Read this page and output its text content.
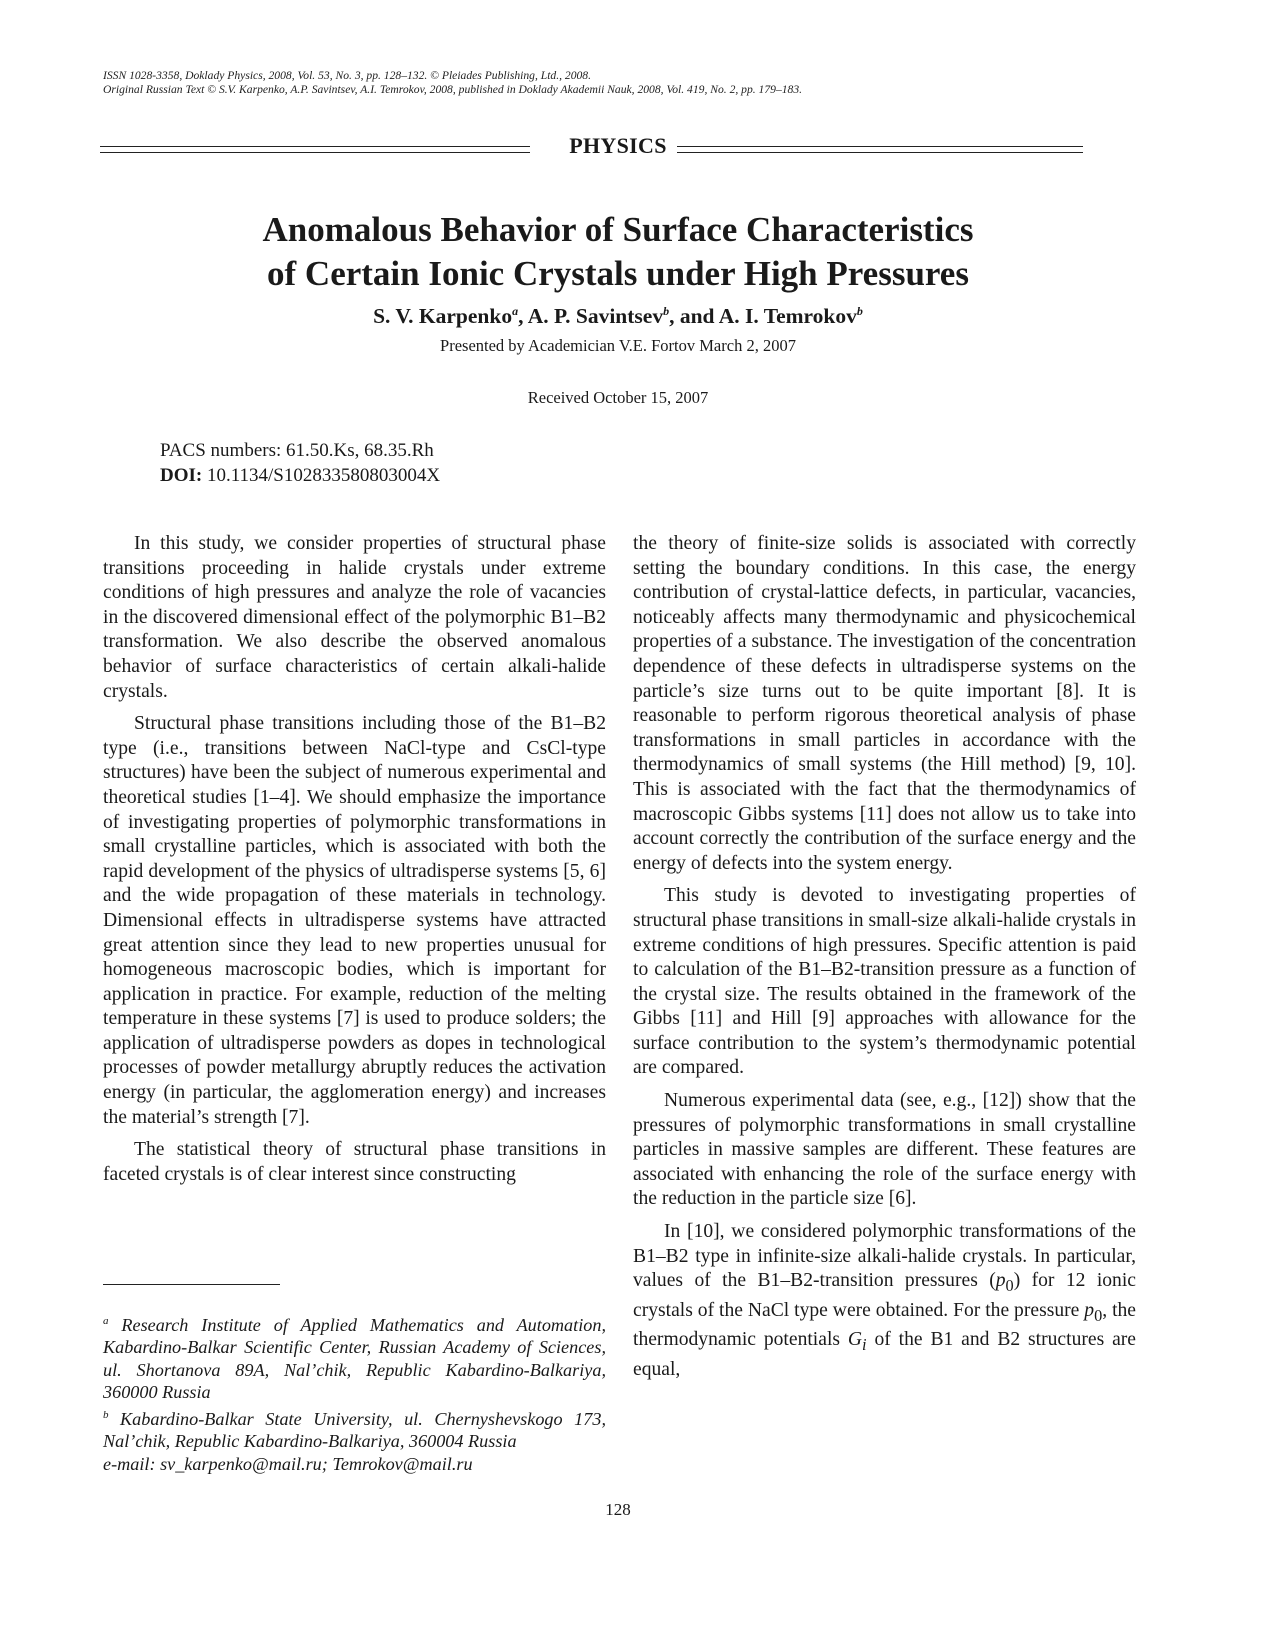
ISSN 1028-3358, Doklady Physics, 2008, Vol. 53, No. 3, pp. 128–132. © Pleiades Publishing, Ltd., 2008.
Original Russian Text © S.V. Karpenko, A.P. Savintsev, A.I. Temrokov, 2008, published in Doklady Akademii Nauk, 2008, Vol. 419, No. 2, pp. 179–183.
PHYSICS
Anomalous Behavior of Surface Characteristics
of Certain Ionic Crystals under High Pressures
S. V. Karpenko$^a$, A. P. Savintsev$^b$, and A. I. Temrokov$^b$
Presented by Academician V.E. Fortov March 2, 2007
Received October 15, 2007
PACS numbers: 61.50.Ks, 68.35.Rh
DOI: 10.1134/S102833580803004X

In this study, we consider properties of structural phase transitions proceeding in halide crystals under extreme conditions of high pressures and analyze the role of vacancies in the discovered dimensional effect of the polymorphic B1–B2 transformation. We also describe the observed anomalous behavior of surface characteristics of certain alkali-halide crystals.

Structural phase transitions including those of the B1–B2 type (i.e., transitions between NaCl-type and CsCl-type structures) have been the subject of numerous experimental and theoretical studies [1–4]. We should emphasize the importance of investigating properties of polymorphic transformations in small crystalline particles, which is associated with both the rapid development of the physics of ultradisperse systems [5, 6] and the wide propagation of these materials in technology. Dimensional effects in ultradisperse systems have attracted great attention since they lead to new properties unusual for homogeneous macroscopic bodies, which is important for application in practice. For example, reduction of the melting temperature in these systems [7] is used to produce solders; the application of ultradisperse powders as dopes in technological processes of powder metallurgy abruptly reduces the activation energy (in particular, the agglomeration energy) and increases the material’s strength [7].

The statistical theory of structural phase transitions in faceted crystals is of clear interest since constructing

the theory of finite-size solids is associated with correctly setting the boundary conditions. In this case, the energy contribution of crystal-lattice defects, in particular, vacancies, noticeably affects many thermodynamic and physicochemical properties of a substance. The investigation of the concentration dependence of these defects in ultradisperse systems on the particle’s size turns out to be quite important [8]. It is reasonable to perform rigorous theoretical analysis of phase transformations in small particles in accordance with the thermodynamics of small systems (the Hill method) [9, 10]. This is associated with the fact that the thermodynamics of macroscopic Gibbs systems [11] does not allow us to take into account correctly the contribution of the surface energy and the energy of defects into the system energy.

This study is devoted to investigating properties of structural phase transitions in small-size alkali-halide crystals in extreme conditions of high pressures. Specific attention is paid to calculation of the B1–B2-transition pressure as a function of the crystal size. The results obtained in the framework of the Gibbs [11] and Hill [9] approaches with allowance for the surface contribution to the system’s thermodynamic potential are compared.

Numerous experimental data (see, e.g., [12]) show that the pressures of polymorphic transformations in small crystalline particles in massive samples are different. These features are associated with enhancing the role of the surface energy with the reduction in the particle size [6].

In [10], we considered polymorphic transformations of the B1–B2 type in infinite-size alkali-halide crystals. In particular, values of the B1–B2-transition pressures $(p_0)$ for 12 ionic crystals of the NaCl type were obtained. For the pressure $p_0$, the thermodynamic potentials $G_i$ of the B1 and B2 structures are equal,

$^a$ Research Institute of Applied Mathematics and Automation, Kabardino-Balkar Scientific Center, Russian Academy of Sciences, ul. Shortanova 89A, Nal’chik, Republic Kabardino-Balkariya, 360000 Russia

$^b$ Kabardino-Balkar State University, ul. Chernyshevskogo 173, Nal’chik, Republic Kabardino-Balkariya, 360004 Russia

e-mail: sv_karpenko@mail.ru; Temrokov@mail.ru

128
